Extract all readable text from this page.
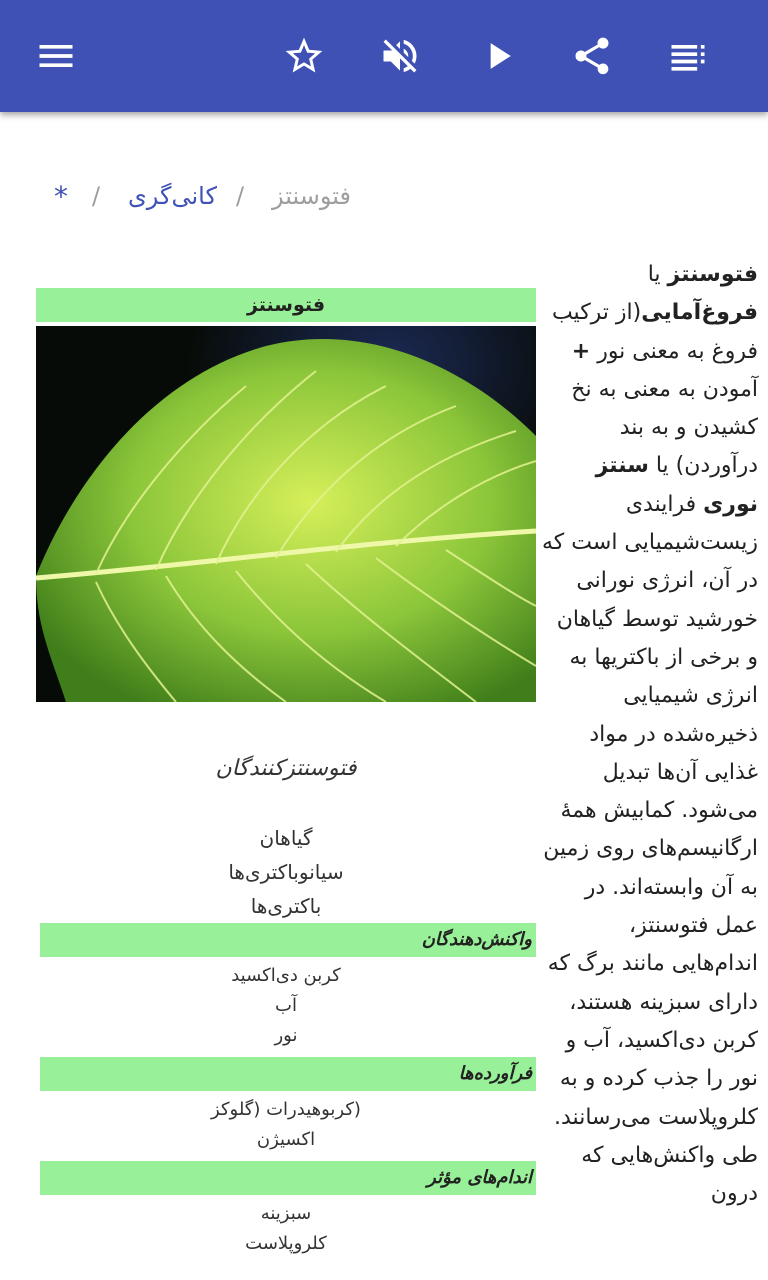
* / کانی‌گری / فتوسنتز
فتوسنتز یا فروغ‌آمایی(از ترکیب فروغ به معنی نور + آمودن به معنی به نخ کشیدن و به بند درآوردن) یا سنتز نوری فرایندی زیست‌شیمیایی است که در آن، انرژی نورانی خورشید توسط گیاهان و برخی از باکتریها به انرژی شیمیایی ذخیره‌شده در مواد غذایی آن‌ها تبدیل می‌شود. کمابیش همهٔ ارگانیسم‌های روی زمین به آن وابسته‌اند. در عمل فتوسنتز، اندام‌هایی مانند برگ که دارای سبزینه هستند، کربن دی‌اکسید، آب و نور را جذب کرده و به کلروپلاست می‌رسانند. طی واکنش‌هایی که درون
فتوسنتز
فتوسنتزکنندگان
گیاهان
سیانوباکتری‌ها
باکتری‌ها
واکنش‌دهندگان
کربن دی‌اکسید
آب
نور
فرآورده‌ها
(کربوهیدرات (گلوکز
اکسیژن
اندام‌های مؤثر
سبزینه
کلروپلاست
